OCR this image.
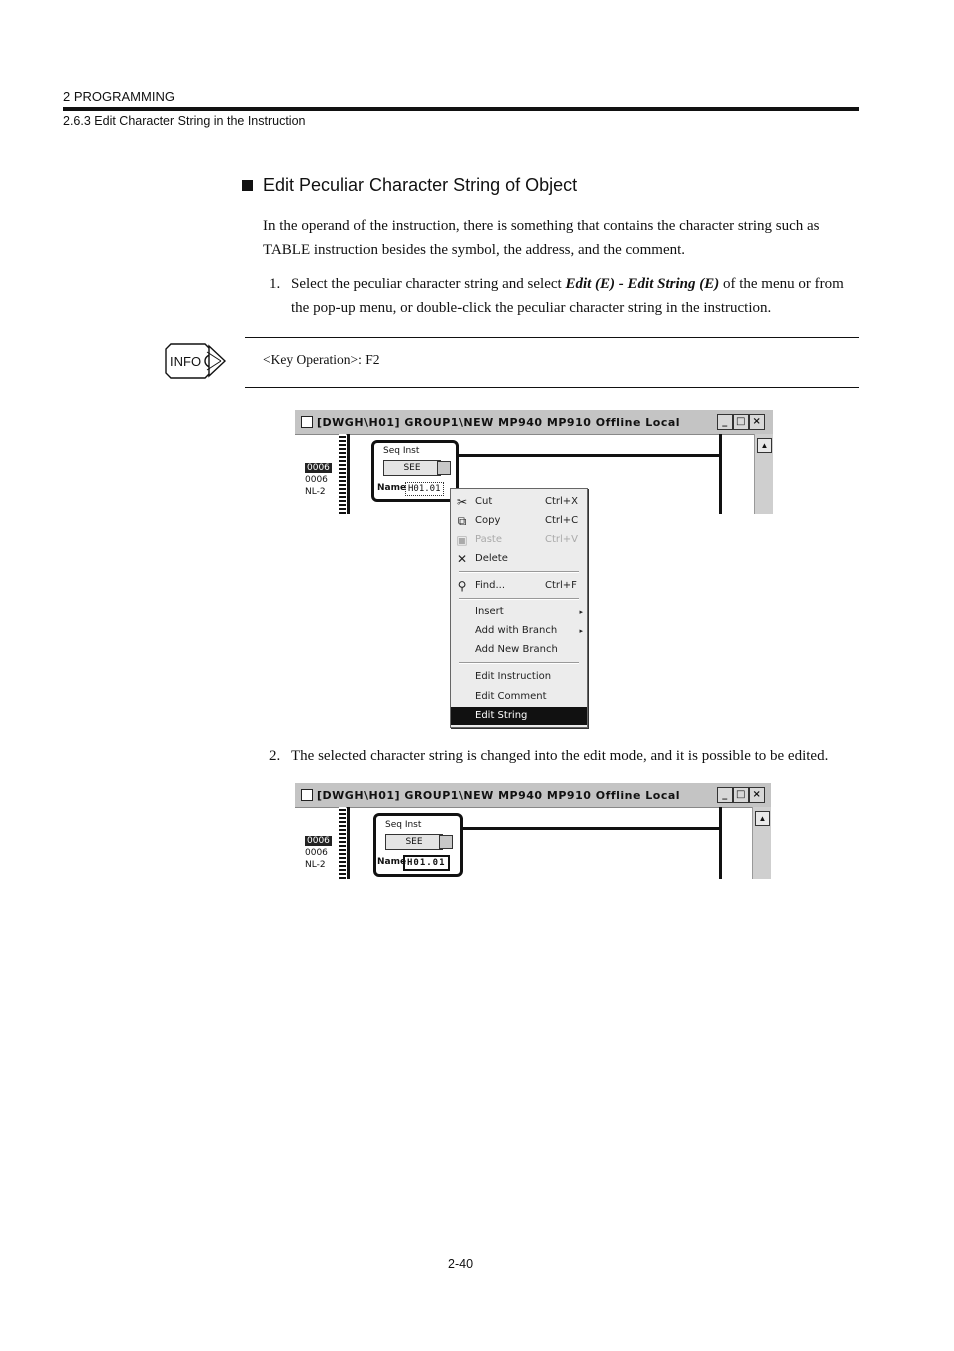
2 PROGRAMMING
2.6.3 Edit Character String in the Instruction
Edit Peculiar Character String of Object
In the operand of the instruction, there is something that contains the character string such as TABLE instruction besides the symbol, the address, and the comment.
1. Select the peculiar character string and select Edit (E) - Edit String (E) of the menu or from the pop-up menu, or double-click the peculiar character string in the instruction.
INFO	<Key Operation>: F2
[DWGH\H01] GROUP1\NEW MP940 MP910 Offline Local	_ □ ×
▲
0006
0006
NL-2
Seq Inst
SEE
Name H01.01
✂ Cut	Ctrl+X
⧉ Copy	Ctrl+C
▣ Paste	Ctrl+V
✕ Delete
⚲ Find...	Ctrl+F
Insert	▸
Add with Branch	▸
Add New Branch
Edit Instruction
Edit Comment
Edit String
2. The selected character string is changed into the edit mode, and it is possible to be edited.
[DWGH\H01] GROUP1\NEW MP940 MP910 Offline Local	_ □ ×
▲
0006
0006
NL-2
Seq Inst
SEE
Name H01.01
2-40
